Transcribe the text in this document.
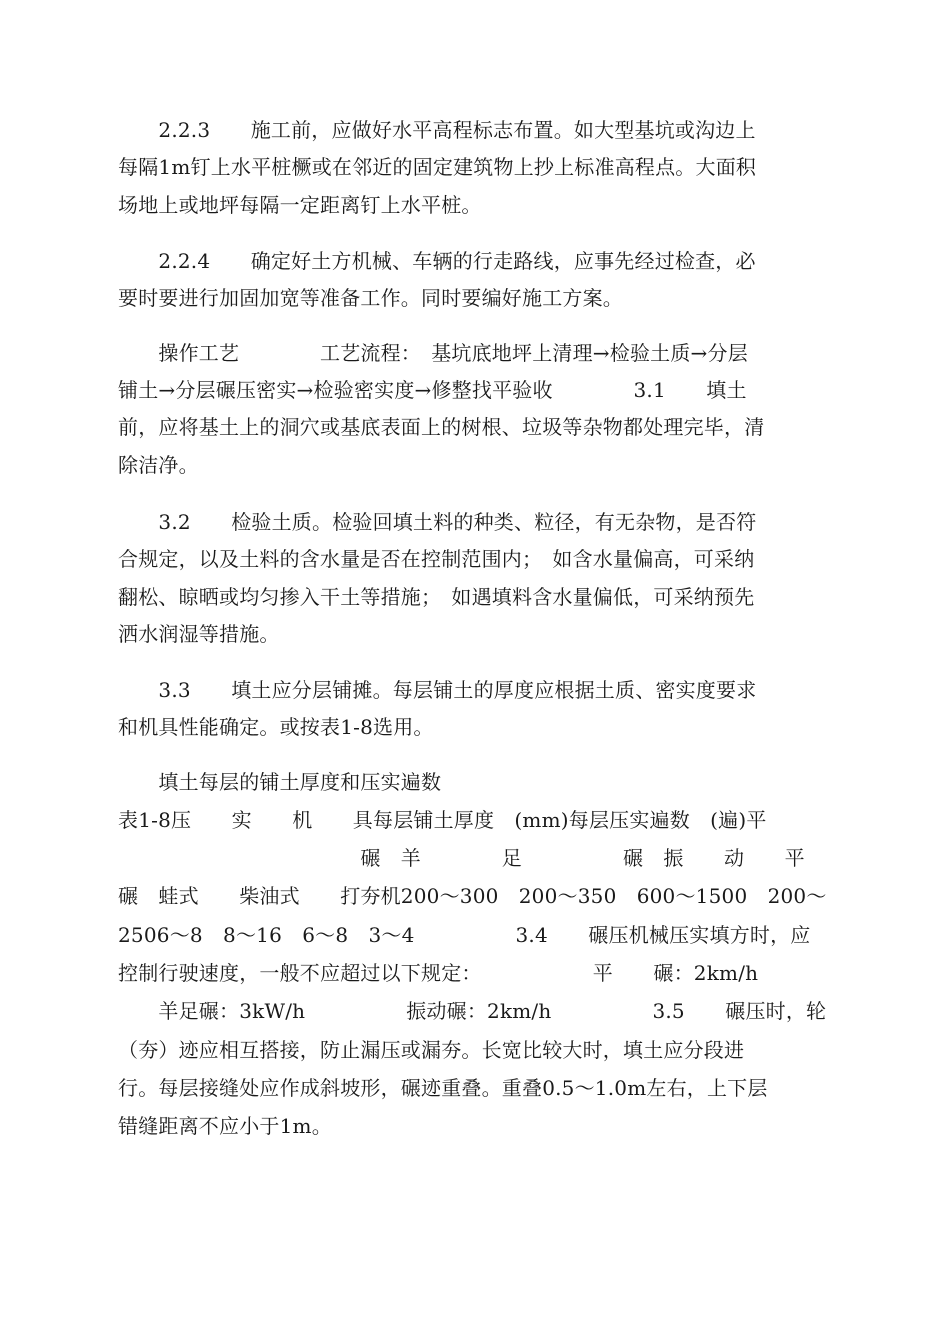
　　2.2.3　　施工前，应做好水平高程标志布置。如大型基坑或沟边上
每隔1m钉上水平桩橛或在邻近的固定建筑物上抄上标准高程点。大面积
场地上或地坪每隔一定距离钉上水平桩。
　　2.2.4　　确定好土方机械、车辆的行走路线，应事先经过检查，必
要时要进行加固加宽等准备工作。同时要编好施工方案。
　　操作工艺　　　　工艺流程：　基坑底地坪上清理→检验土质→分层
铺土→分层碾压密实→检验密实度→修整找平验收　　　　3.1　　填土
前，应将基土上的洞穴或基底表面上的树根、垃圾等杂物都处理完毕，清
除洁净。
　　3.2　　检验土质。检验回填土料的种类、粒径，有无杂物，是否符
合规定，以及土料的含水量是否在控制范围内；　如含水量偏高，可采纳
翻松、晾晒或均匀掺入干土等措施；　如遇填料含水量偏低，可采纳预先
洒水润湿等措施。
　　3.3　　填土应分层铺摊。每层铺土的厚度应根据土质、密实度要求
和机具性能确定。或按表1-8选用。
　　填土每层的铺土厚度和压实遍数
表1-8压　　实　　机　　具每层铺土厚度　(mm)每层压实遍数　(遍)平
　　　　　　　　　　　　碾　羊　　　　足　　　　　碾　振　　动　　平
碾　蛙式　　柴油式　　打夯机200～300　200～350　600～1500　200～
2506～8　8～16　6～8　3～4　　　　　3.4　　碾压机械压实填方时，应
控制行驶速度，一般不应超过以下规定：　　　　　　平　　碾：2km/h
　　羊足碾：3kW/h　　　　　振动碾：2km/h　　　　　3.5　　碾压时，轮
（夯）迹应相互搭接，防止漏压或漏夯。长宽比较大时，填土应分段进
行。每层接缝处应作成斜坡形，碾迹重叠。重叠0.5～1.0m左右，上下层
错缝距离不应小于1m。
